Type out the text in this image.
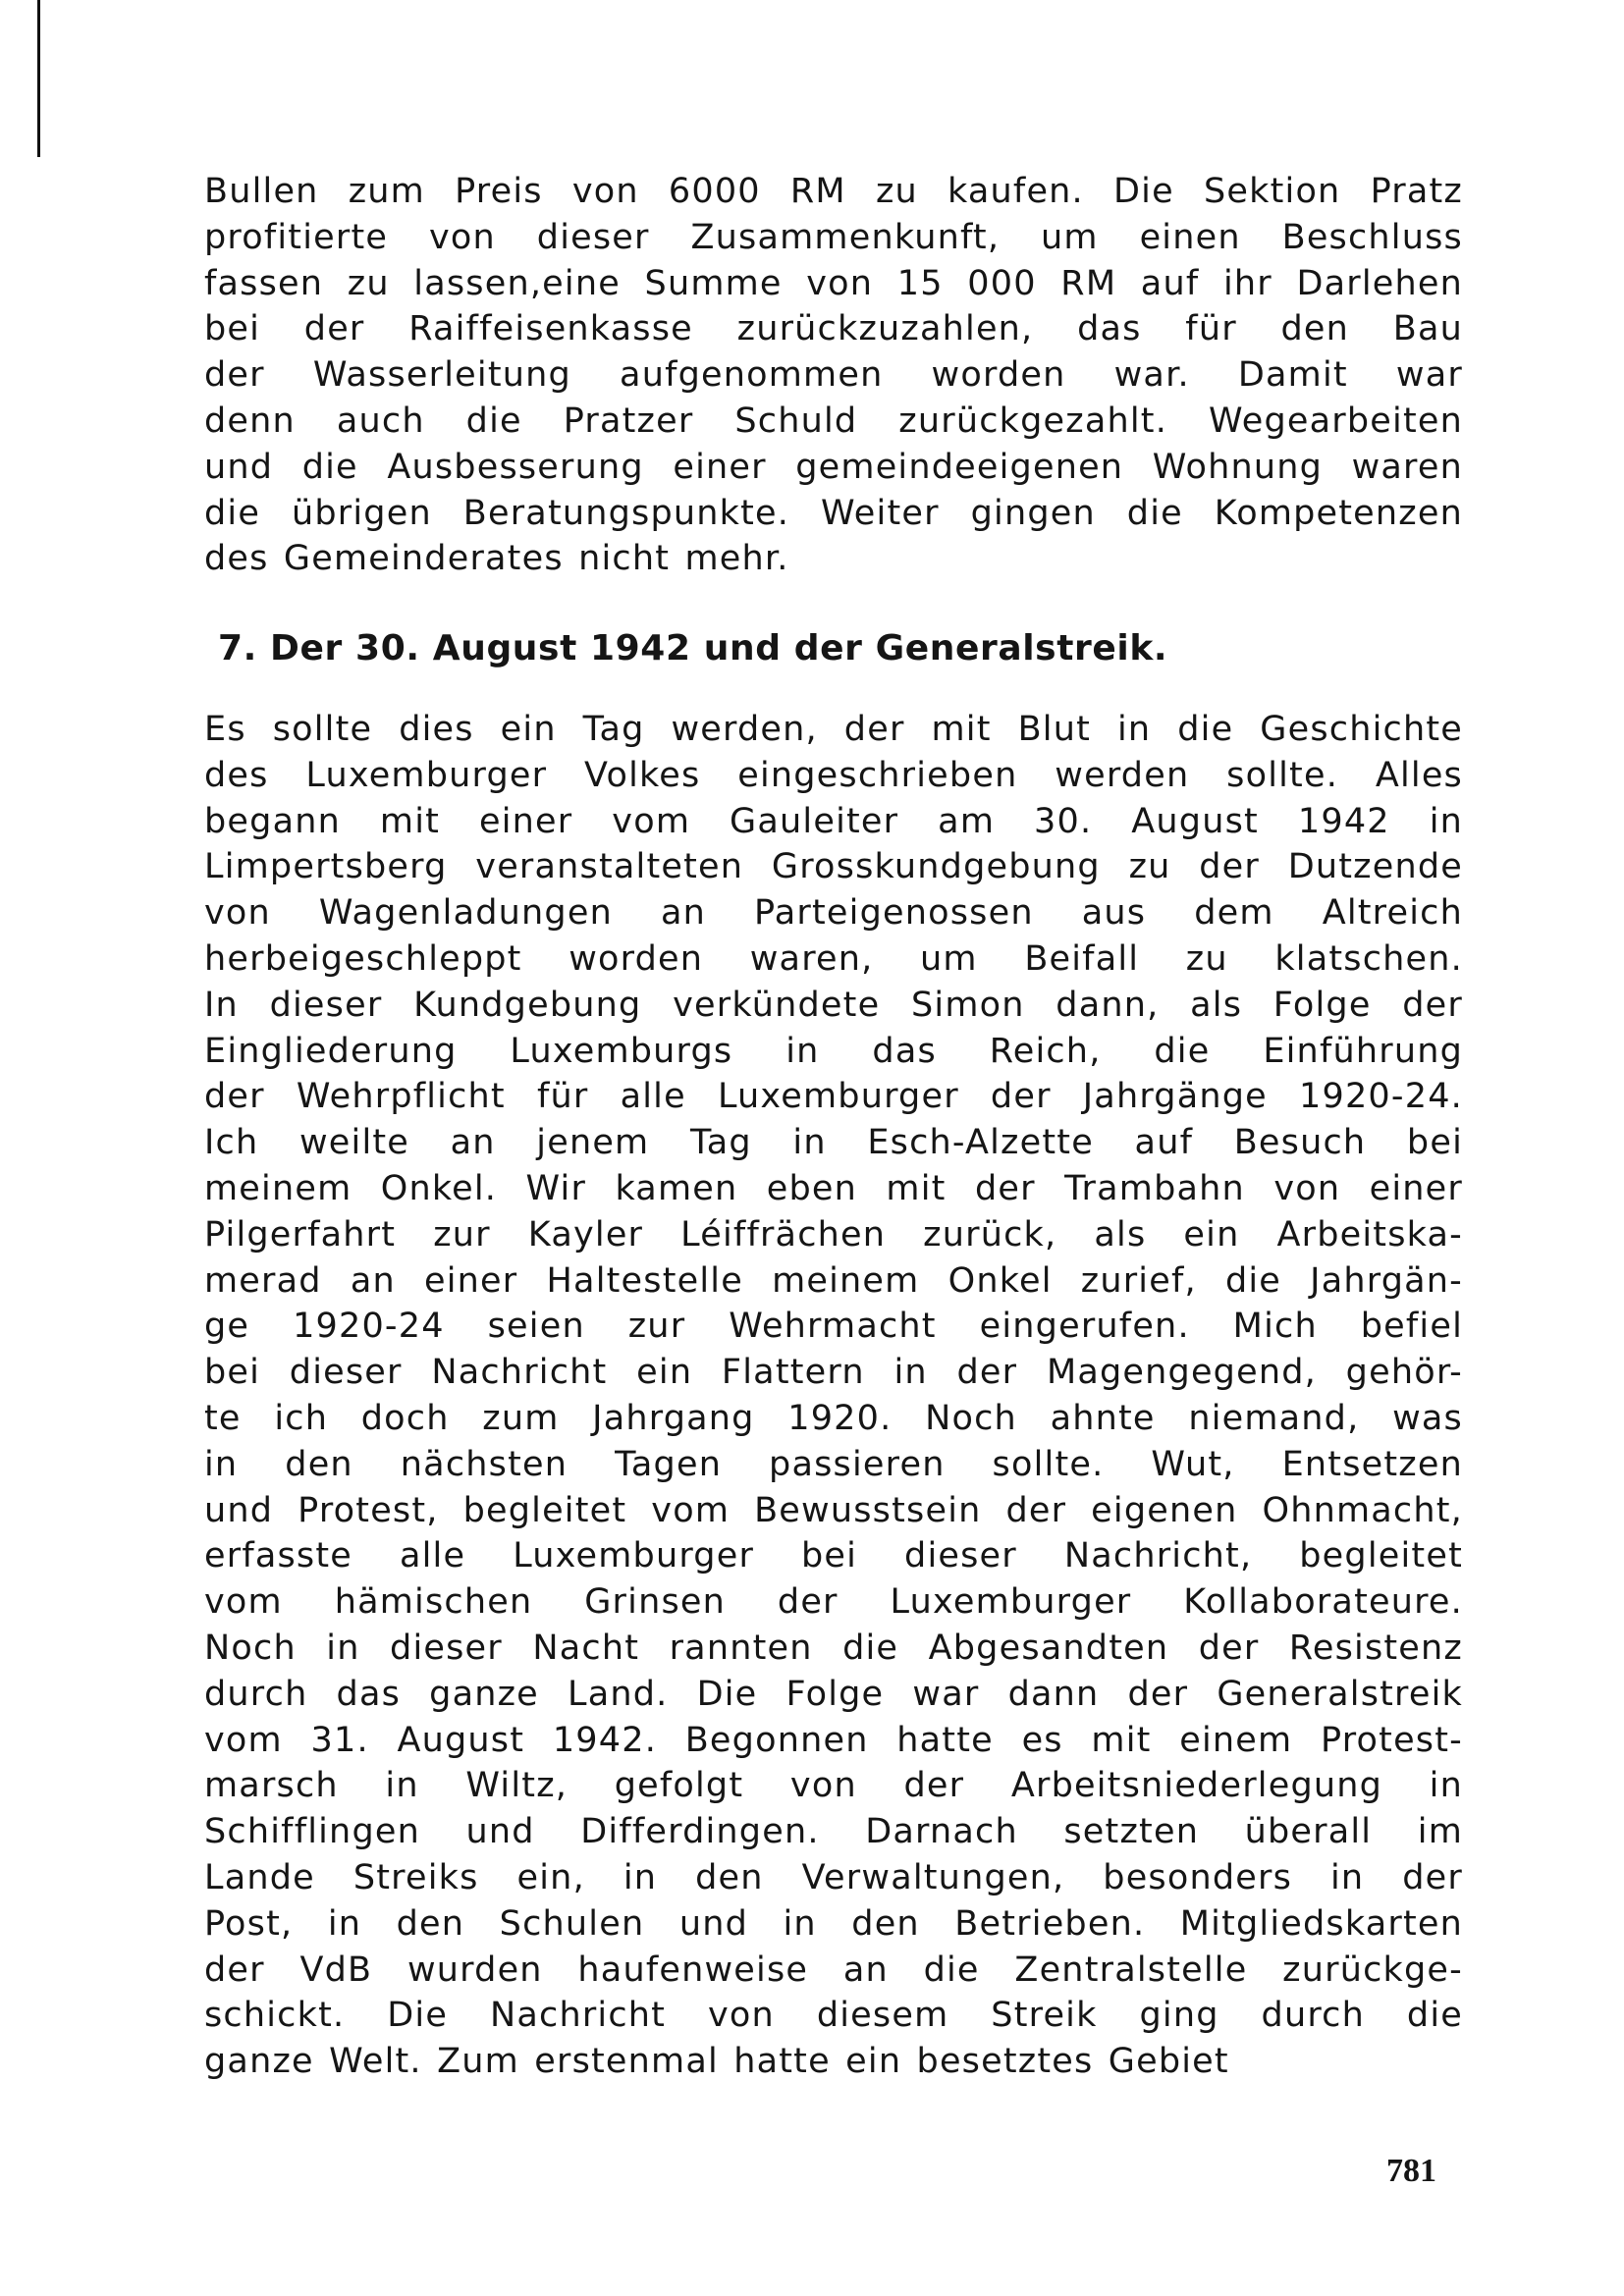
Bullen zum Preis von 6000 RM zu kaufen. Die Sektion Pratz
profitierte von dieser Zusammenkunft, um einen Beschluss
fassen zu lassen,eine Summe von 15 000 RM auf ihr Darlehen
bei der Raiffeisenkasse zurückzuzahlen, das für den Bau
der Wasserleitung aufgenommen worden war. Damit war
denn auch die Pratzer Schuld zurückgezahlt. Wegearbeiten
und die Ausbesserung einer gemeindeeigenen Wohnung waren
die übrigen Beratungspunkte. Weiter gingen die Kompetenzen
des Gemeinderates nicht mehr.
7. Der 30. August 1942 und der Generalstreik.
Es sollte dies ein Tag werden, der mit Blut in die Geschichte
des Luxemburger Volkes eingeschrieben werden sollte. Alles
begann mit einer vom Gauleiter am 30. August 1942 in
Limpertsberg veranstalteten Grosskundgebung zu der Dutzende
von Wagenladungen an Parteigenossen aus dem Altreich
herbeigeschleppt worden waren, um Beifall zu klatschen.
In dieser Kundgebung verkündete Simon dann, als Folge der
Eingliederung Luxemburgs in das Reich, die Einführung
der Wehrpflicht für alle Luxemburger der Jahrgänge 1920-24.
Ich weilte an jenem Tag in Esch-Alzette auf Besuch bei
meinem Onkel. Wir kamen eben mit der Trambahn von einer
Pilgerfahrt zur Kayler Léiffrächen zurück, als ein Arbeitska-
merad an einer Haltestelle meinem Onkel zurief, die Jahrgän-
ge 1920-24 seien zur Wehrmacht eingerufen. Mich befiel
bei dieser Nachricht ein Flattern in der Magengegend, gehör-
te ich doch zum Jahrgang 1920. Noch ahnte niemand, was
in den nächsten Tagen passieren sollte. Wut, Entsetzen
und Protest, begleitet vom Bewusstsein der eigenen Ohnmacht,
erfasste alle Luxemburger bei dieser Nachricht, begleitet
vom hämischen Grinsen der Luxemburger Kollaborateure.
Noch in dieser Nacht rannten die Abgesandten der Resistenz
durch das ganze Land. Die Folge war dann der Generalstreik
vom 31. August 1942. Begonnen hatte es mit einem Protest-
marsch in Wiltz, gefolgt von der Arbeitsniederlegung in
Schifflingen und Differdingen. Darnach setzten überall im
Lande Streiks ein, in den Verwaltungen, besonders in der
Post, in den Schulen und in den Betrieben. Mitgliedskarten
der VdB wurden haufenweise an die Zentralstelle zurückge-
schickt. Die Nachricht von diesem Streik ging durch die
ganze Welt. Zum erstenmal hatte ein besetztes Gebiet
781
